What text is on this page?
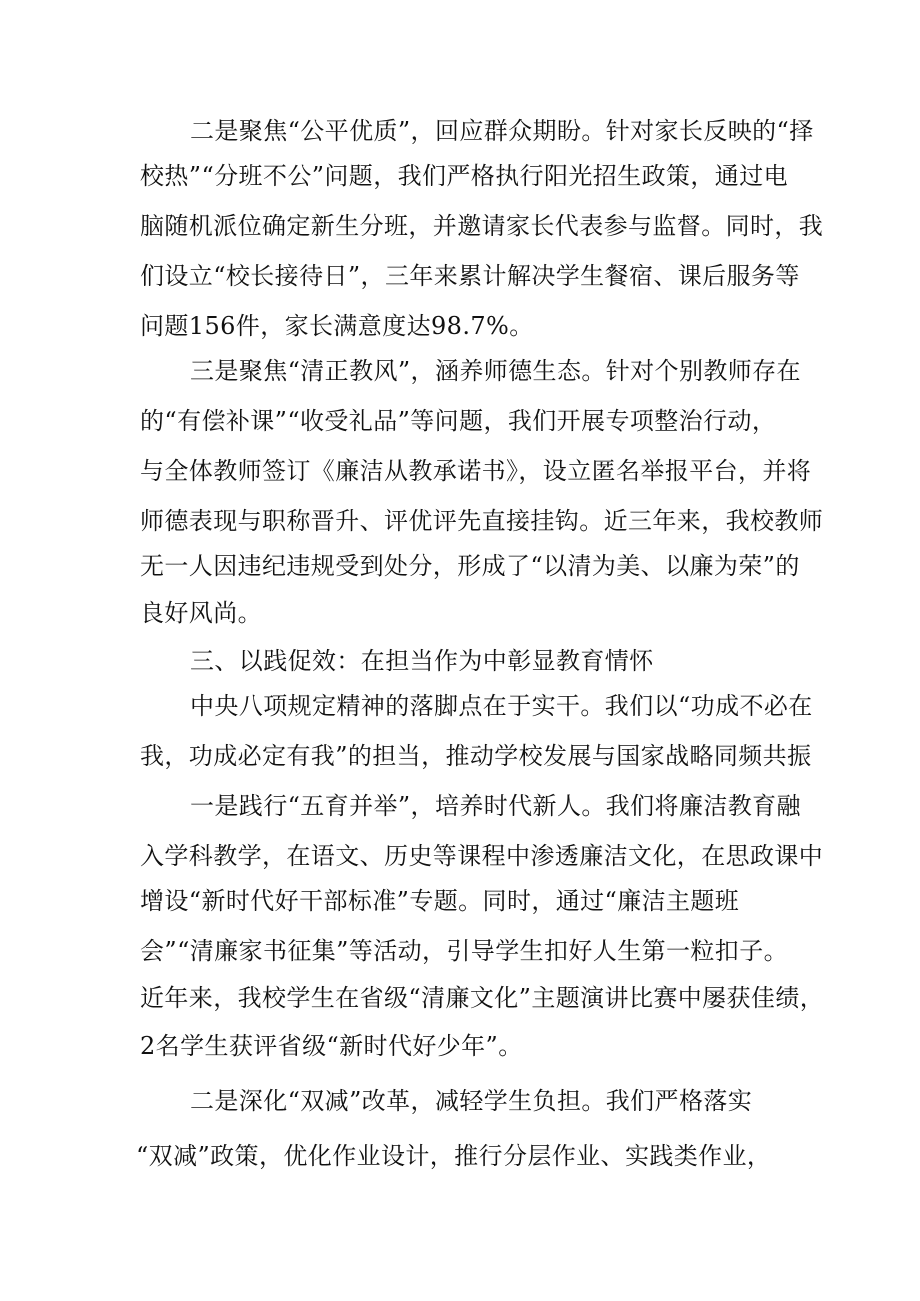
二是聚焦“公平优质”，回应群众期盼。针对家长反映的“择
校热”“分班不公”问题，我们严格执行阳光招生政策，通过电
脑随机派位确定新生分班，并邀请家长代表参与监督。同时，我
们设立“校长接待日”，三年来累计解决学生餐宿、课后服务等
问题156件，家长满意度达98.7%。
三是聚焦“清正教风”，涵养师德生态。针对个别教师存在
的“有偿补课”“收受礼品”等问题，我们开展专项整治行动，
与全体教师签订《廉洁从教承诺书》，设立匿名举报平台，并将
师德表现与职称晋升、评优评先直接挂钩。近三年来，我校教师
无一人因违纪违规受到处分，形成了“以清为美、以廉为荣”的
良好风尚。
三、以践促效：在担当作为中彰显教育情怀
中央八项规定精神的落脚点在于实干。我们以“功成不必在
我，功成必定有我”的担当，推动学校发展与国家战略同频共振
一是践行“五育并举”，培养时代新人。我们将廉洁教育融
入学科教学，在语文、历史等课程中渗透廉洁文化，在思政课中
增设“新时代好干部标准”专题。同时，通过“廉洁主题班
会”“清廉家书征集”等活动，引导学生扣好人生第一粒扣子。
近年来，我校学生在省级“清廉文化”主题演讲比赛中屡获佳绩，
2名学生获评省级“新时代好少年”。
二是深化“双减”改革，减轻学生负担。我们严格落实
“双减”政策，优化作业设计，推行分层作业、实践类作业，
